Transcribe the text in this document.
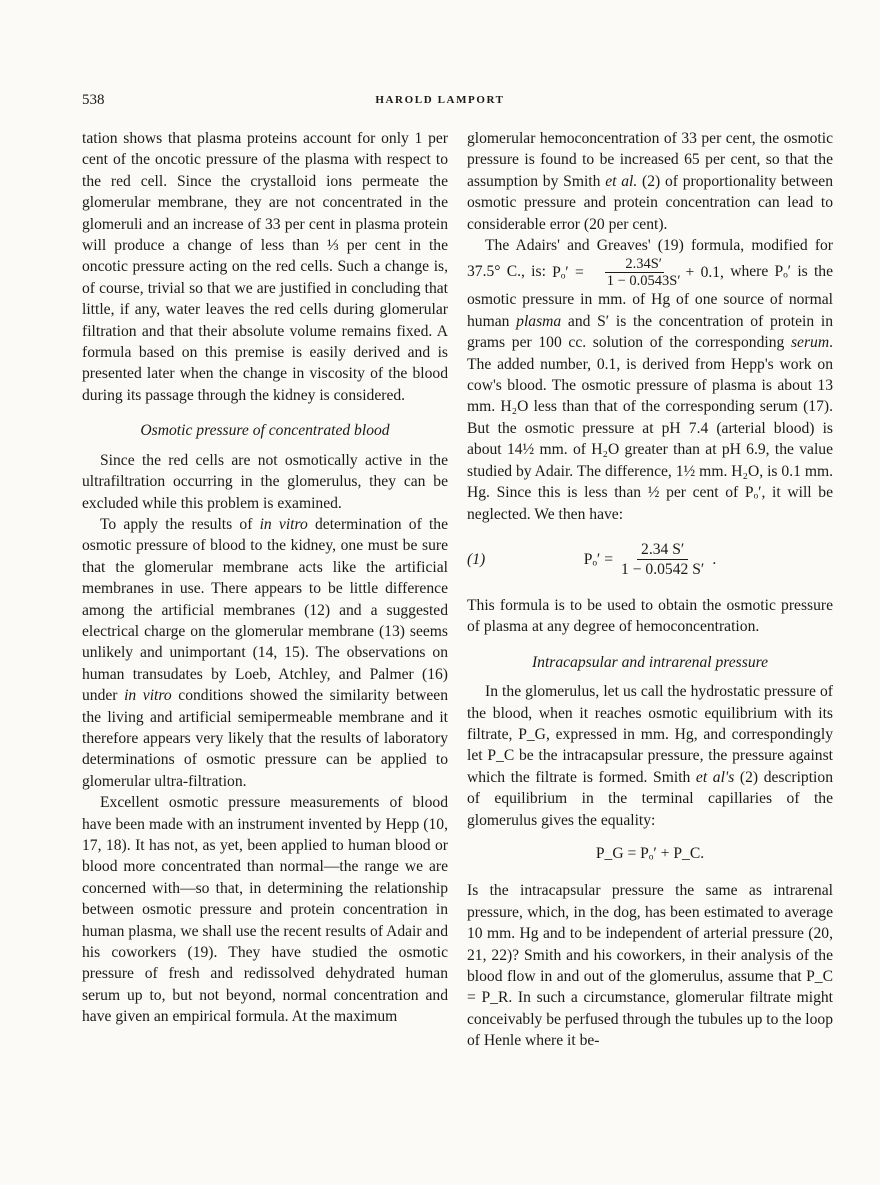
538	HAROLD LAMPORT

tation shows that plasma proteins account for only 1 per cent of the oncotic pressure of the plasma with respect to the red cell. Since the crystalloid ions permeate the glomerular membrane, they are not concentrated in the glomeruli and an increase of 33 per cent in plasma protein will produce a change of less than ⅓ per cent in the oncotic pressure acting on the red cells. Such a change is, of course, trivial so that we are justified in concluding that little, if any, water leaves the red cells during glomerular filtration and that their absolute volume remains fixed. A formula based on this premise is easily derived and is presented later when the change in viscosity of the blood during its passage through the kidney is considered.

Osmotic pressure of concentrated blood

Since the red cells are not osmotically active in the ultrafiltration occurring in the glomerulus, they can be excluded while this problem is examined.

To apply the results of in vitro determination of the osmotic pressure of blood to the kidney, one must be sure that the glomerular membrane acts like the artificial membranes in use. There appears to be little difference among the artificial membranes (12) and a suggested electrical charge on the glomerular membrane (13) seems unlikely and unimportant (14, 15). The observations on human transudates by Loeb, Atchley, and Palmer (16) under in vitro conditions showed the similarity between the living and artificial semipermeable membrane and it therefore appears very likely that the results of laboratory determinations of osmotic pressure can be applied to glomerular ultra-filtration.

Excellent osmotic pressure measurements of blood have been made with an instrument invented by Hepp (10, 17, 18). It has not, as yet, been applied to human blood or blood more concentrated than normal—the range we are concerned with—so that, in determining the relationship between osmotic pressure and protein concentration in human plasma, we shall use the recent results of Adair and his coworkers (19). They have studied the osmotic pressure of fresh and redissolved dehydrated human serum up to, but not beyond, normal concentration and have given an empirical formula. At the maximum

glomerular hemoconcentration of 33 per cent, the osmotic pressure is found to be increased 65 per cent, so that the assumption by Smith et al. (2) of proportionality between osmotic pressure and protein concentration can lead to considerable error (20 per cent).

The Adairs' and Greaves' (19) formula, modified for 37.5° C., is: $P_o' = \frac{2.34S'}{1 - 0.0543S'} + 0.1$, where Pₒ′ is the osmotic pressure in mm. of Hg of one source of normal human plasma and S′ is the concentration of protein in grams per 100 cc. solution of the corresponding serum. The added number, 0.1, is derived from Hepp's work on cow's blood. The osmotic pressure of plasma is about 13 mm. H₂O less than that of the corresponding serum (17). But the osmotic pressure at pH 7.4 (arterial blood) is about 14½ mm. of H₂O greater than at pH 6.9, the value studied by Adair. The difference, 1½ mm. H₂O, is 0.1 mm. Hg. Since this is less than ½ per cent of Pₒ′, it will be neglected. We then have:

(1)	$P_o' = \frac{2.34 S'}{1 - 0.0542 S'}$ .

This formula is to be used to obtain the osmotic pressure of plasma at any degree of hemoconcentration.

Intracapsular and intrarenal pressure

In the glomerulus, let us call the hydrostatic pressure of the blood, when it reaches osmotic equilibrium with its filtrate, P_G, expressed in mm. Hg, and correspondingly let P_C be the intracapsular pressure, the pressure against which the filtrate is formed. Smith et al's (2) description of equilibrium in the terminal capillaries of the glomerulus gives the equality:

P_G = Pₒ′ + P_C.

Is the intracapsular pressure the same as intrarenal pressure, which, in the dog, has been estimated to average 10 mm. Hg and to be independent of arterial pressure (20, 21, 22)? Smith and his coworkers, in their analysis of the blood flow in and out of the glomerulus, assume that P_C = P_R. In such a circumstance, glomerular filtrate might conceivably be perfused through the tubules up to the loop of Henle where it be-
